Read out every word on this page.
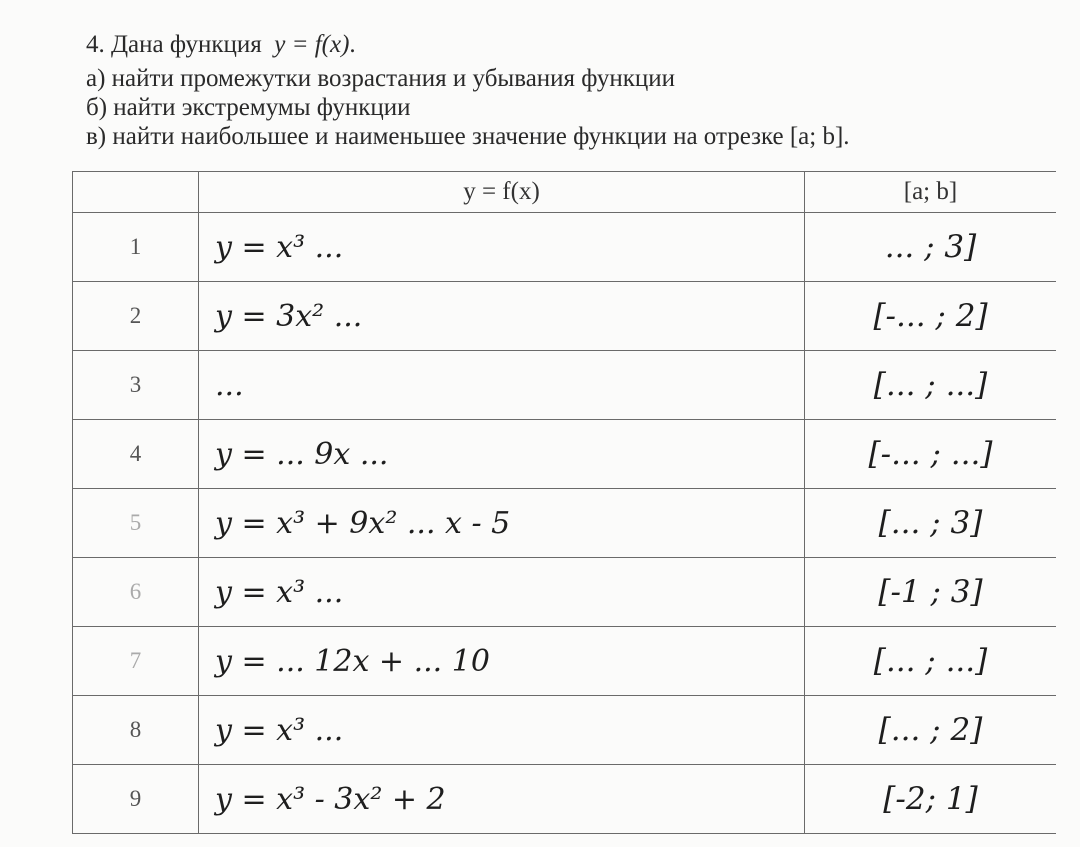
4. Дана функция y = f(x).
а) найти промежутки возрастания и убывания функции
б) найти экстремумы функции
в) найти наибольшее и наименьшее значение функции на отрезке [a; b].
	y = f(x)	[a; b]
1	y = x³ ...	... ; 3]
2	y = 3x² ...	[-... ; 2]
3	...	[... ; ...]
4	y = ... 9x ...	[-... ; ...]
5	y = x³ + 9x² ... x - 5	[... ; 3]
6	y = x³ ...	[-1 ; 3]
7	y = ... 12x + ... 10	[... ; ...]
8	y = x³ ...	[... ; 2]
9	y = x³ - 3x² + 2	[-2; 1]
